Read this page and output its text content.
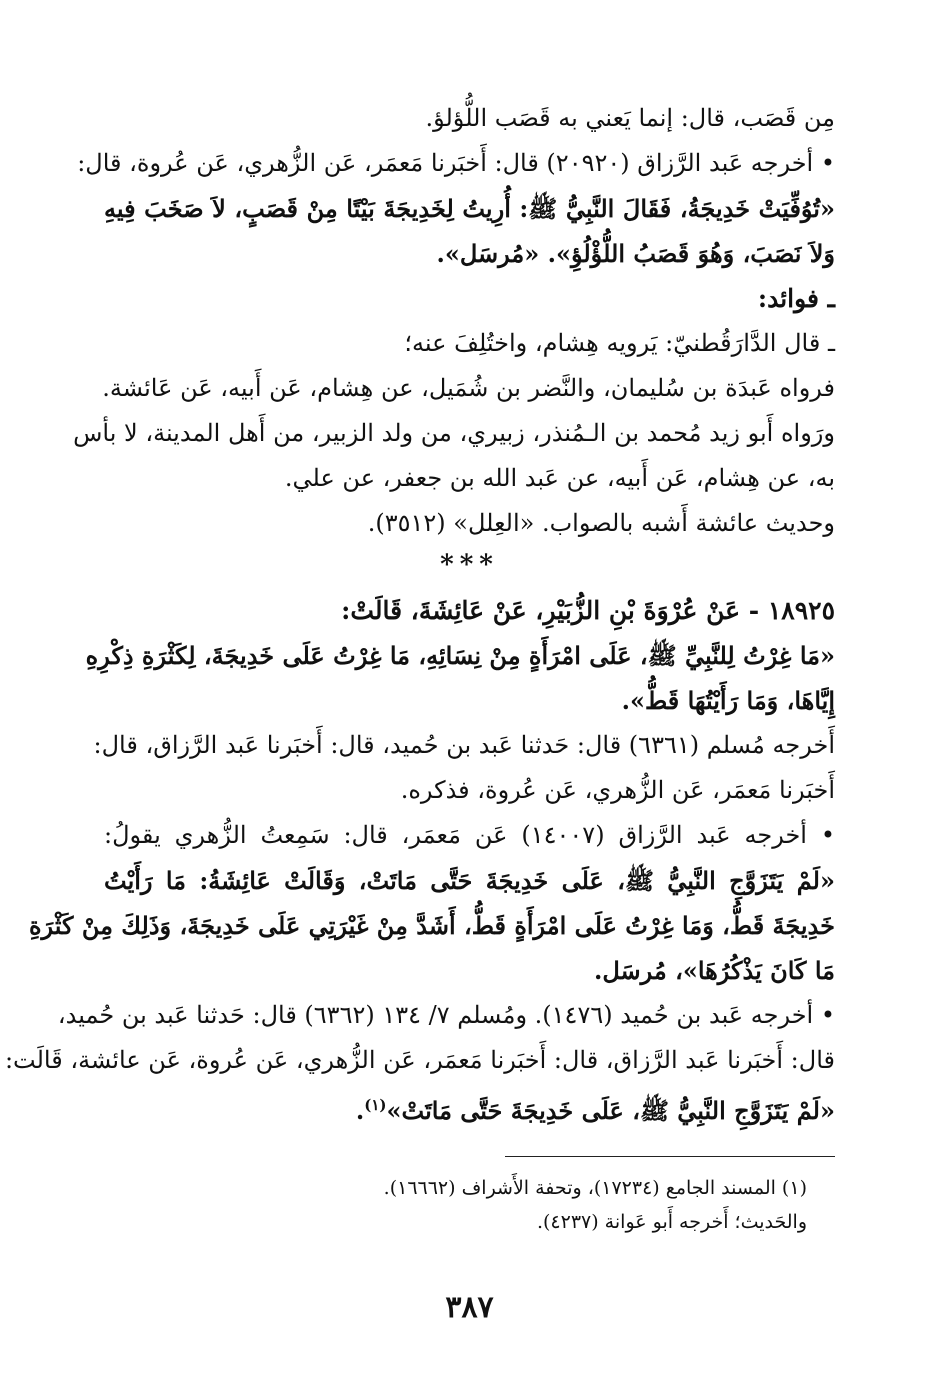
مِن قَصَب، قال: إنما يَعني به قَصَب اللُّؤلؤ.
• أخرجه عَبد الرَّزاق (٢٠٩٢٠) قال: أَخبَرنا مَعمَر، عَن الزُّهري، عَن عُروة، قال:
«تُوُفِّيَتْ خَدِيجَةُ، فَقَالَ النَّبِيُّ ﷺ: أُرِيتُ لِخَدِيجَةَ بَيْتًا مِنْ قَصَبٍ، لاَ صَخَبَ فِيهِ
وَلاَ نَصَبَ، وَهُوَ قَصَبُ اللُّؤْلُؤِ». «مُرسَل».
ـ فوائد:
ـ قال الدَّارَقُطنيّ: يَرويه هِشام، واختُلِفَ عنه؛
فرواه عَبدَة بن سُليمان، والنَّضر بن شُمَيل، عن هِشام، عَن أَبيه، عَن عَائشة.
ورَواه أَبو زيد مُحمد بن الـمُنذر، زبيري، من ولد الزبير، من أَهل المدينة، لا بأس
به، عن هِشام، عَن أَبيه، عن عَبد الله بن جعفر، عن علي.
وحديث عائشة أَشبه بالصواب. «العِلل» (٣٥١٢).
***
١٨٩٢٥ - عَنْ عُرْوَةَ بْنِ الزُّبَيْرِ، عَنْ عَائِشَةَ، قَالَتْ:
«مَا غِرْتُ لِلنَّبِيِّ ﷺ، عَلَى امْرَأَةٍ مِنْ نِسَائِهِ، مَا غِرْتُ عَلَى خَدِيجَةَ، لِكَثْرَةِ ذِكْرِهِ
إِيَّاهَا، وَمَا رَأَيْتُهَا قَطُّ».
أَخرجه مُسلم (٦٣٦١) قال: حَدثنا عَبد بن حُميد، قال: أَخبَرنا عَبد الرَّزاق، قال:
أَخبَرنا مَعمَر، عَن الزُّهري، عَن عُروة، فذكره.
• أخرجه عَبد الرَّزاق (١٤٠٠٧) عَن مَعمَر، قال: سَمِعتُ الزُّهري يقولُ:
«لَمْ يَتَزَوَّجِ النَّبِيُّ ﷺ، عَلَى خَدِيجَةَ حَتَّى مَاتَتْ، وَقَالَتْ عَائِشَةُ: مَا رَأَيْتُ
خَدِيجَةَ قَطُّ، وَمَا غِرْتُ عَلَى امْرَأَةٍ قَطُّ، أَشَدَّ مِنْ غَيْرَتِي عَلَى خَدِيجَةَ، وَذَلِكَ مِنْ كَثْرَةِ
مَا كَانَ يَذْكُرُهَا»، مُرسَل.
• أخرجه عَبد بن حُميد (١٤٧٦). ومُسلم ٧/ ١٣٤ (٦٣٦٢) قال: حَدثنا عَبد بن حُميد،
قال: أَخبَرنا عَبد الرَّزاق، قال: أَخبَرنا مَعمَر، عَن الزُّهري، عَن عُروة، عَن عائشة، قَالَت:
«لَمْ يَتَزَوَّجِ النَّبِيُّ ﷺ، عَلَى خَدِيجَةَ حَتَّى مَاتَتْ»$^{(١)}$.
(١) المسند الجامع (١٧٢٣٤)، وتحفة الأَشراف (١٦٦٦٢).
والحَديث؛ أَخرجه أَبو عَوانة (٤٢٣٧).
٣٨٧
